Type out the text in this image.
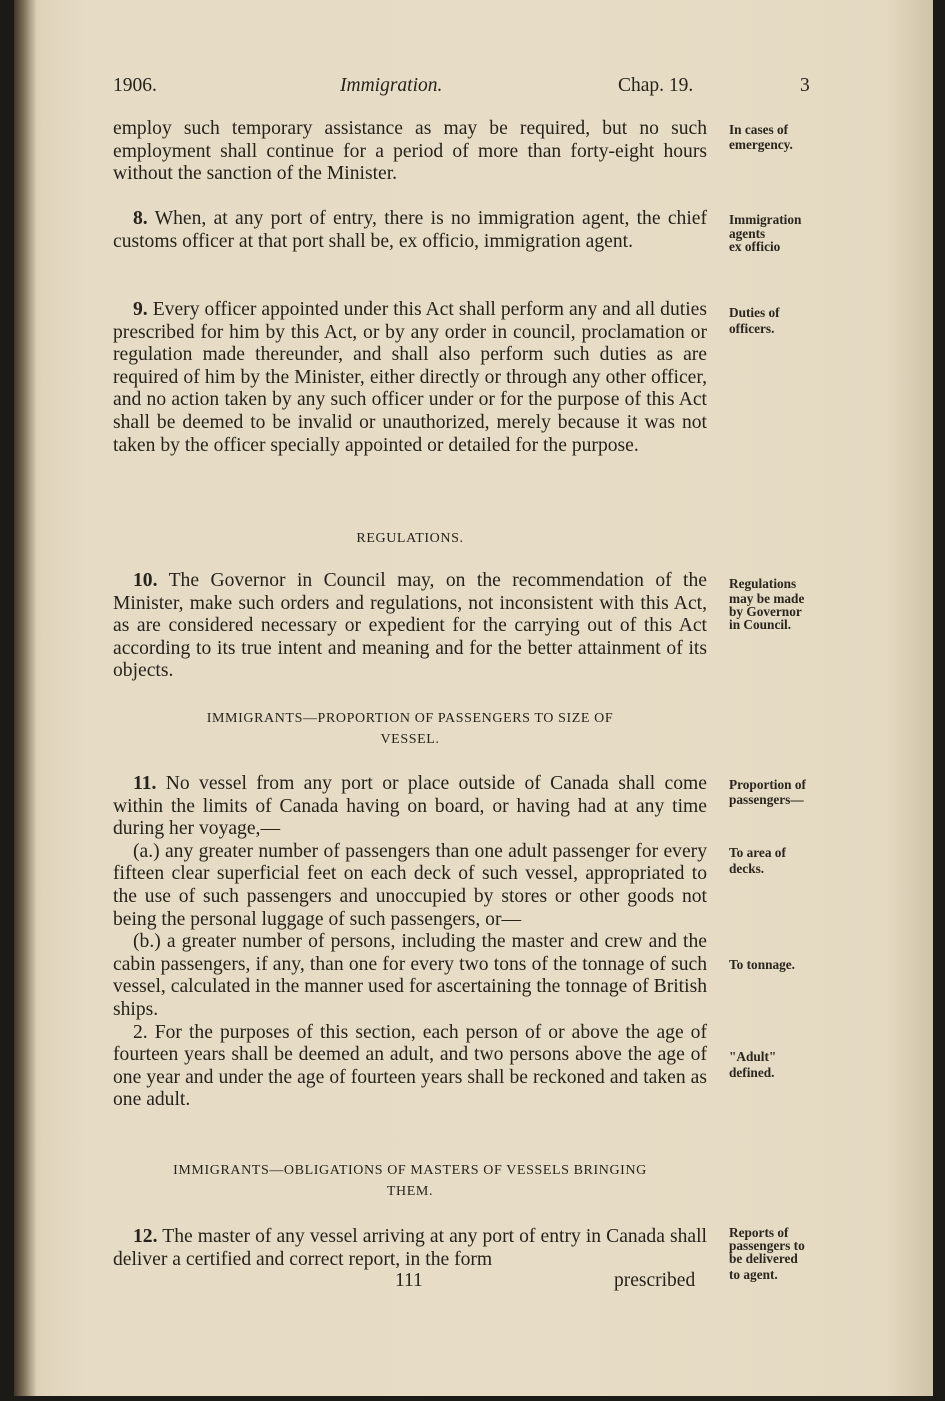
1906.	Immigration.	Chap. 19.	3

employ such temporary assistance as may be required, but no such employment shall continue for a period of more than forty-eight hours without the sanction of the Minister.

8. When, at any port of entry, there is no immigration agent, the chief customs officer at that port shall be, ex officio, immigration agent.

9. Every officer appointed under this Act shall perform any and all duties prescribed for him by this Act, or by any order in council, proclamation or regulation made thereunder, and shall also perform such duties as are required of him by the Minister, either directly or through any other officer, and no action taken by any such officer under or for the purpose of this Act shall be deemed to be invalid or unauthorized, merely because it was not taken by the officer specially appointed or detailed for the purpose.

REGULATIONS.

10. The Governor in Council may, on the recommendation of the Minister, make such orders and regulations, not inconsistent with this Act, as are considered necessary or expedient for the carrying out of this Act according to its true intent and meaning and for the better attainment of its objects.

IMMIGRANTS—PROPORTION OF PASSENGERS TO SIZE OF
VESSEL.

11. No vessel from any port or place outside of Canada shall come within the limits of Canada having on board, or having had at any time during her voyage,—

(a.) any greater number of passengers than one adult passenger for every fifteen clear superficial feet on each deck of such vessel, appropriated to the use of such passengers and unoccupied by stores or other goods not being the personal luggage of such passengers, or—

(b.) a greater number of persons, including the master and crew and the cabin passengers, if any, than one for every two tons of the tonnage of such vessel, calculated in the manner used for ascertaining the tonnage of British ships.

2. For the purposes of this section, each person of or above the age of fourteen years shall be deemed an adult, and two persons above the age of one year and under the age of fourteen years shall be reckoned and taken as one adult.

IMMIGRANTS—OBLIGATIONS OF MASTERS OF VESSELS BRINGING
THEM.

12. The master of any vessel arriving at any port of entry in Canada shall deliver a certified and correct report, in the form

111	prescribed
In cases of
emergency.
Immigration
agents
ex officio
Duties of
officers.
Regulations
may be made
by Governor
in Council.
Proportion of
passengers—
To area of
decks.
To tonnage.
"Adult"
defined.
Reports of
passengers to
be delivered
to agent.
